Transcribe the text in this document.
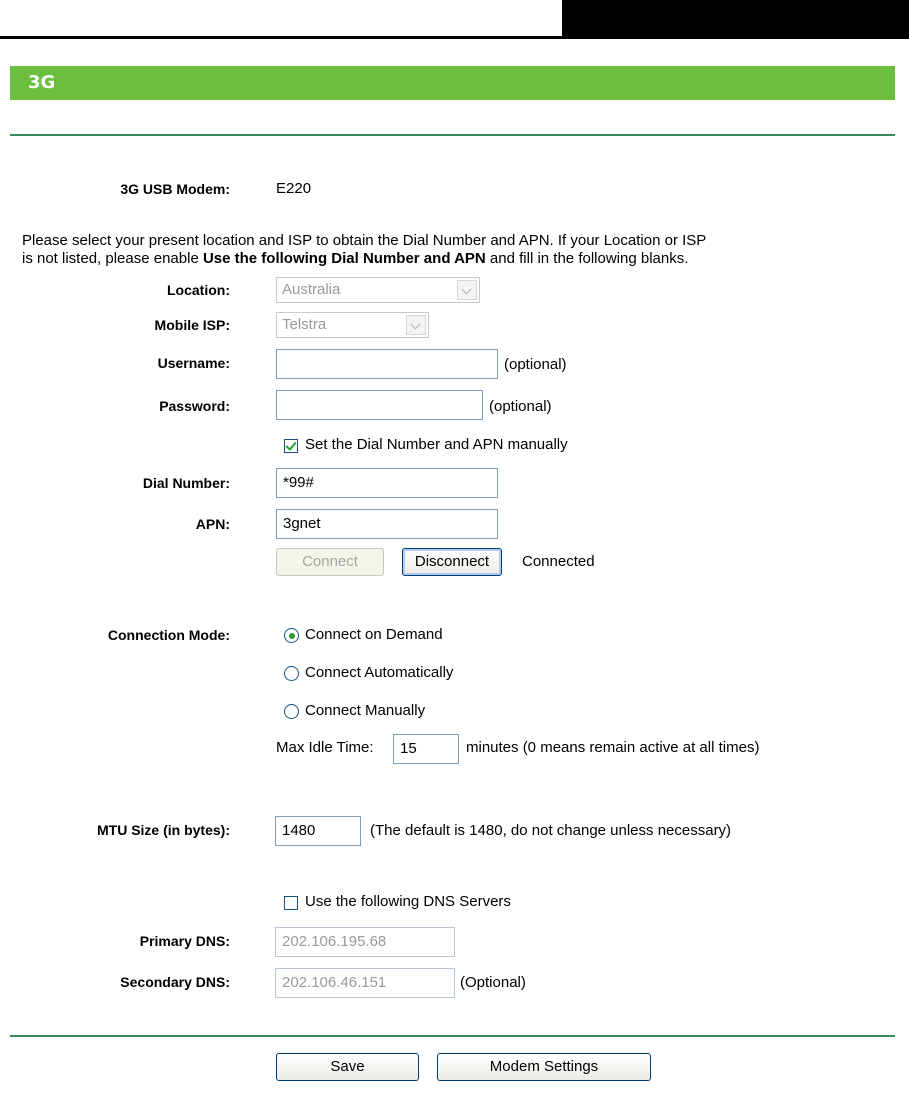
3G
3G USB Modem:	E220
Please select your present location and ISP to obtain the Dial Number and APN. If your Location or ISP
is not listed, please enable Use the following Dial Number and APN and fill in the following blanks.
Location:	Australia
Mobile ISP:	Telstra
Username:	(optional)
Password:	(optional)
Set the Dial Number and APN manually
Dial Number:	*99#
APN:	3gnet
Connect	Disconnect	Connected
Connection Mode:	Connect on Demand
Connect Automatically
Connect Manually
Max Idle Time:	15	minutes (0 means remain active at all times)
MTU Size (in bytes):	1480	(The default is 1480, do not change unless necessary)
Use the following DNS Servers
Primary DNS:	202.106.195.68
Secondary DNS:	202.106.46.151	(Optional)
Save	Modem Settings
